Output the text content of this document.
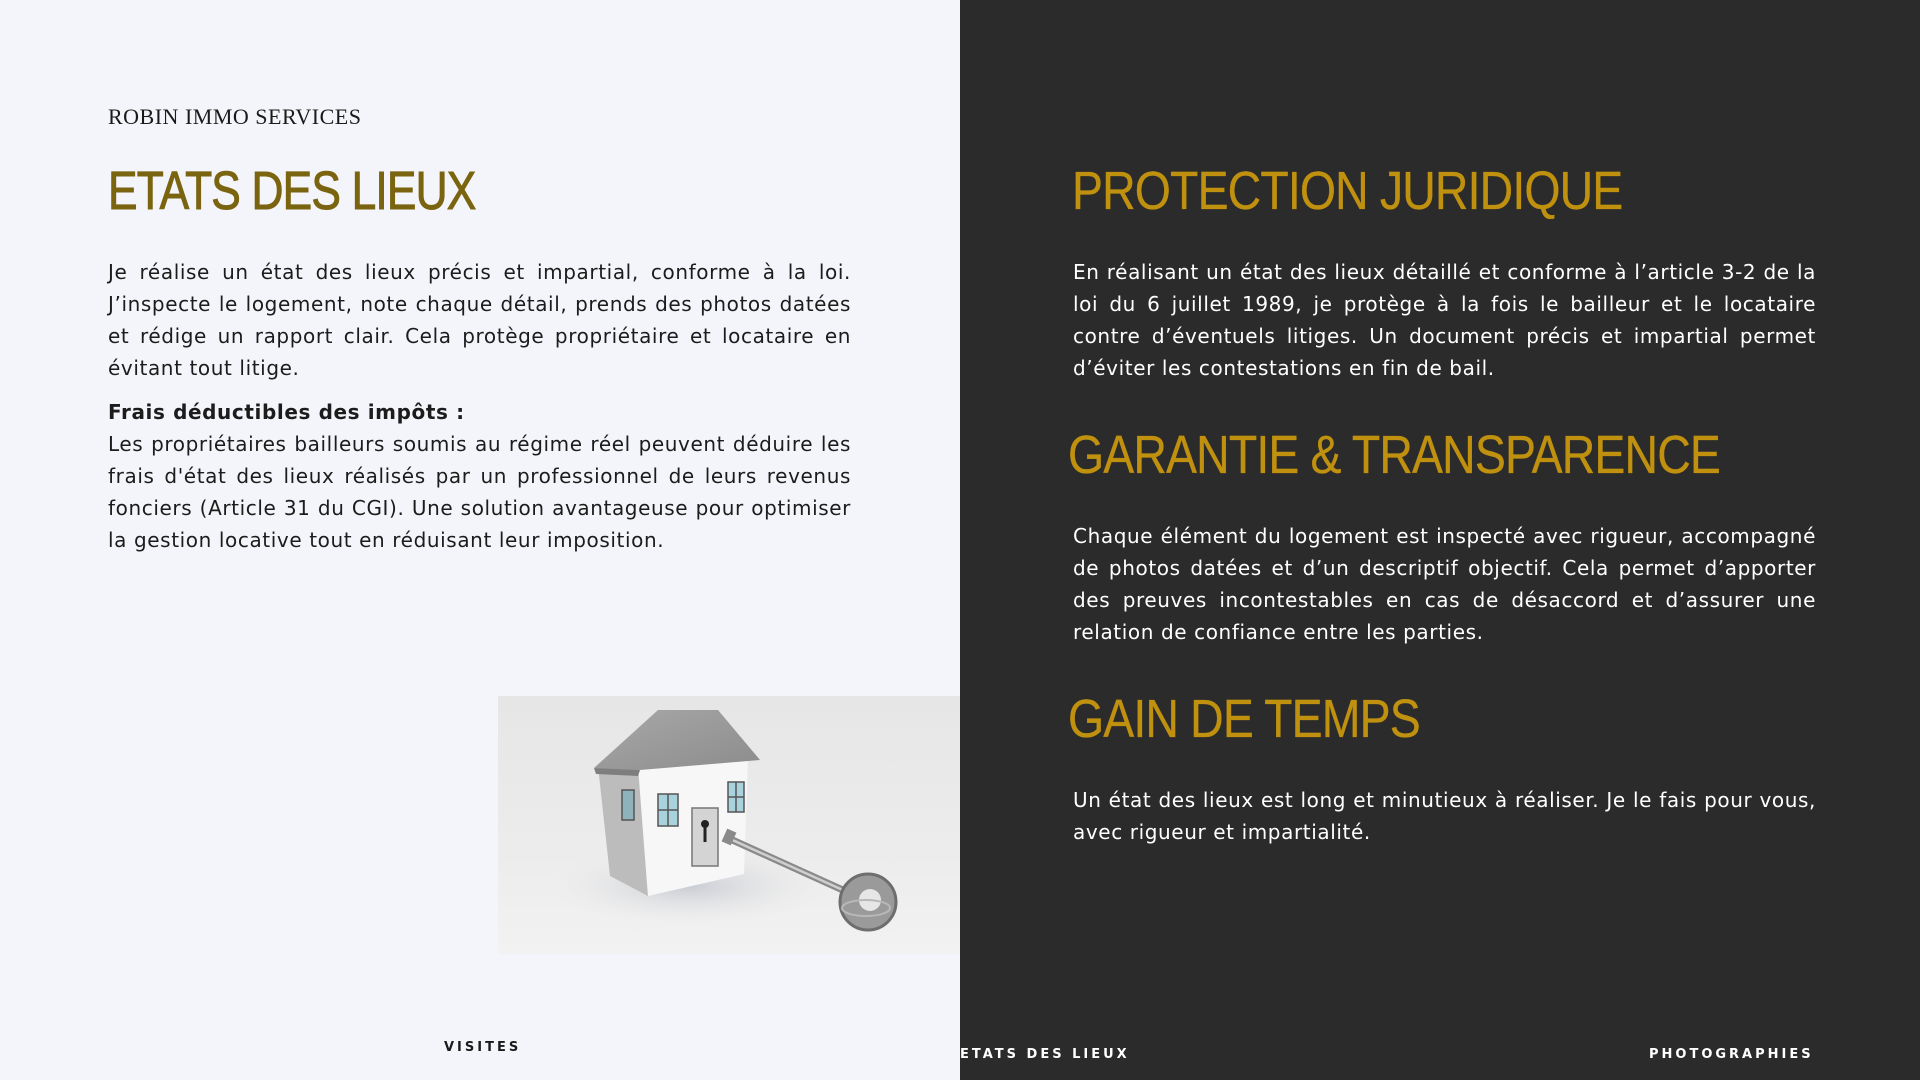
ROBIN IMMO SERVICES
ETATS DES LIEUX

Je réalise un état des lieux précis et impartial, conforme à la loi. J’inspecte le logement, note chaque détail, prends des photos datées et rédige un rapport clair. Cela protège propriétaire et locataire en évitant tout litige.

Frais déductibles des impôts :
Les propriétaires bailleurs soumis au régime réel peuvent déduire les frais d'état des lieux réalisés par un professionnel de leurs revenus fonciers (Article 31 du CGI). Une solution avantageuse pour optimiser la gestion locative tout en réduisant leur imposition.
PROTECTION JURIDIQUE

En réalisant un état des lieux détaillé et conforme à l’article 3-2 de la loi du 6 juillet 1989, je protège à la fois le bailleur et le locataire contre d’éventuels litiges. Un document précis et impartial permet d’éviter les contestations en fin de bail.

GARANTIE & TRANSPARENCE

Chaque élément du logement est inspecté avec rigueur, accompagné de photos datées et d’un descriptif objectif. Cela permet d’apporter des preuves incontestables en cas de désaccord et d’assurer une relation de confiance entre les parties.

GAIN DE TEMPS

Un état des lieux est long et minutieux à réaliser. Je le fais pour vous, avec rigueur et impartialité.

VISITES	ETATS DES LIEUX	PHOTOGRAPHIES
